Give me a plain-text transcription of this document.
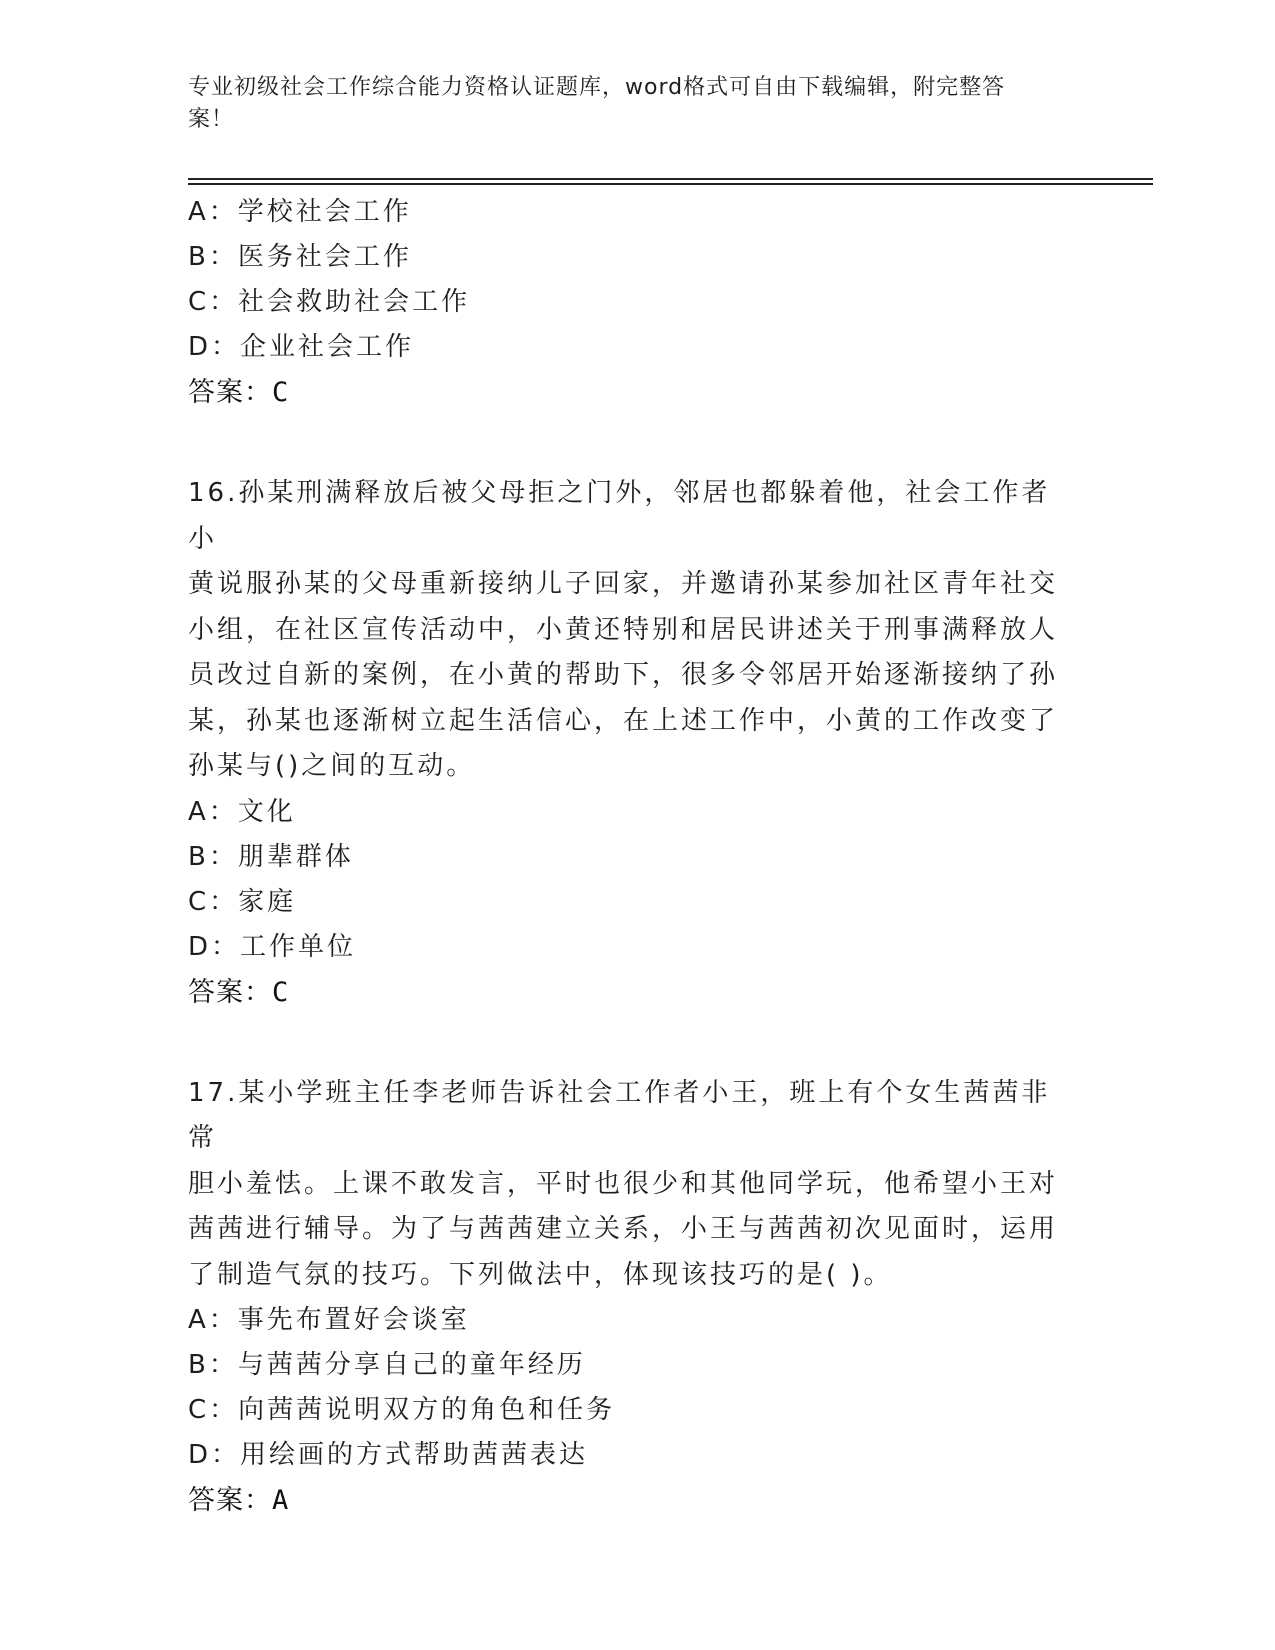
专业初级社会工作综合能力资格认证题库，word格式可自由下载编辑，附完整答
案！
A：学校社会工作
B：医务社会工作
C：社会救助社会工作
D：企业社会工作
答案：C
16.孙某刑满释放后被父母拒之门外，邻居也都躲着他，社会工作者小
黄说服孙某的父母重新接纳儿子回家，并邀请孙某参加社区青年社交
小组，在社区宣传活动中，小黄还特别和居民讲述关于刑事满释放人
员改过自新的案例，在小黄的帮助下，很多令邻居开始逐渐接纳了孙
某，孙某也逐渐树立起生活信心，在上述工作中，小黄的工作改变了
孙某与()之间的互动。
A：文化
B：朋辈群体
C：家庭
D：工作单位
答案：C
17.某小学班主任李老师告诉社会工作者小王，班上有个女生茜茜非常
胆小羞怯。上课不敢发言，平时也很少和其他同学玩，他希望小王对
茜茜进行辅导。为了与茜茜建立关系，小王与茜茜初次见面时，运用
了制造气氛的技巧。下列做法中，体现该技巧的是( )。
A：事先布置好会谈室
B：与茜茜分享自己的童年经历
C：向茜茜说明双方的角色和任务
D：用绘画的方式帮助茜茜表达
答案：A
